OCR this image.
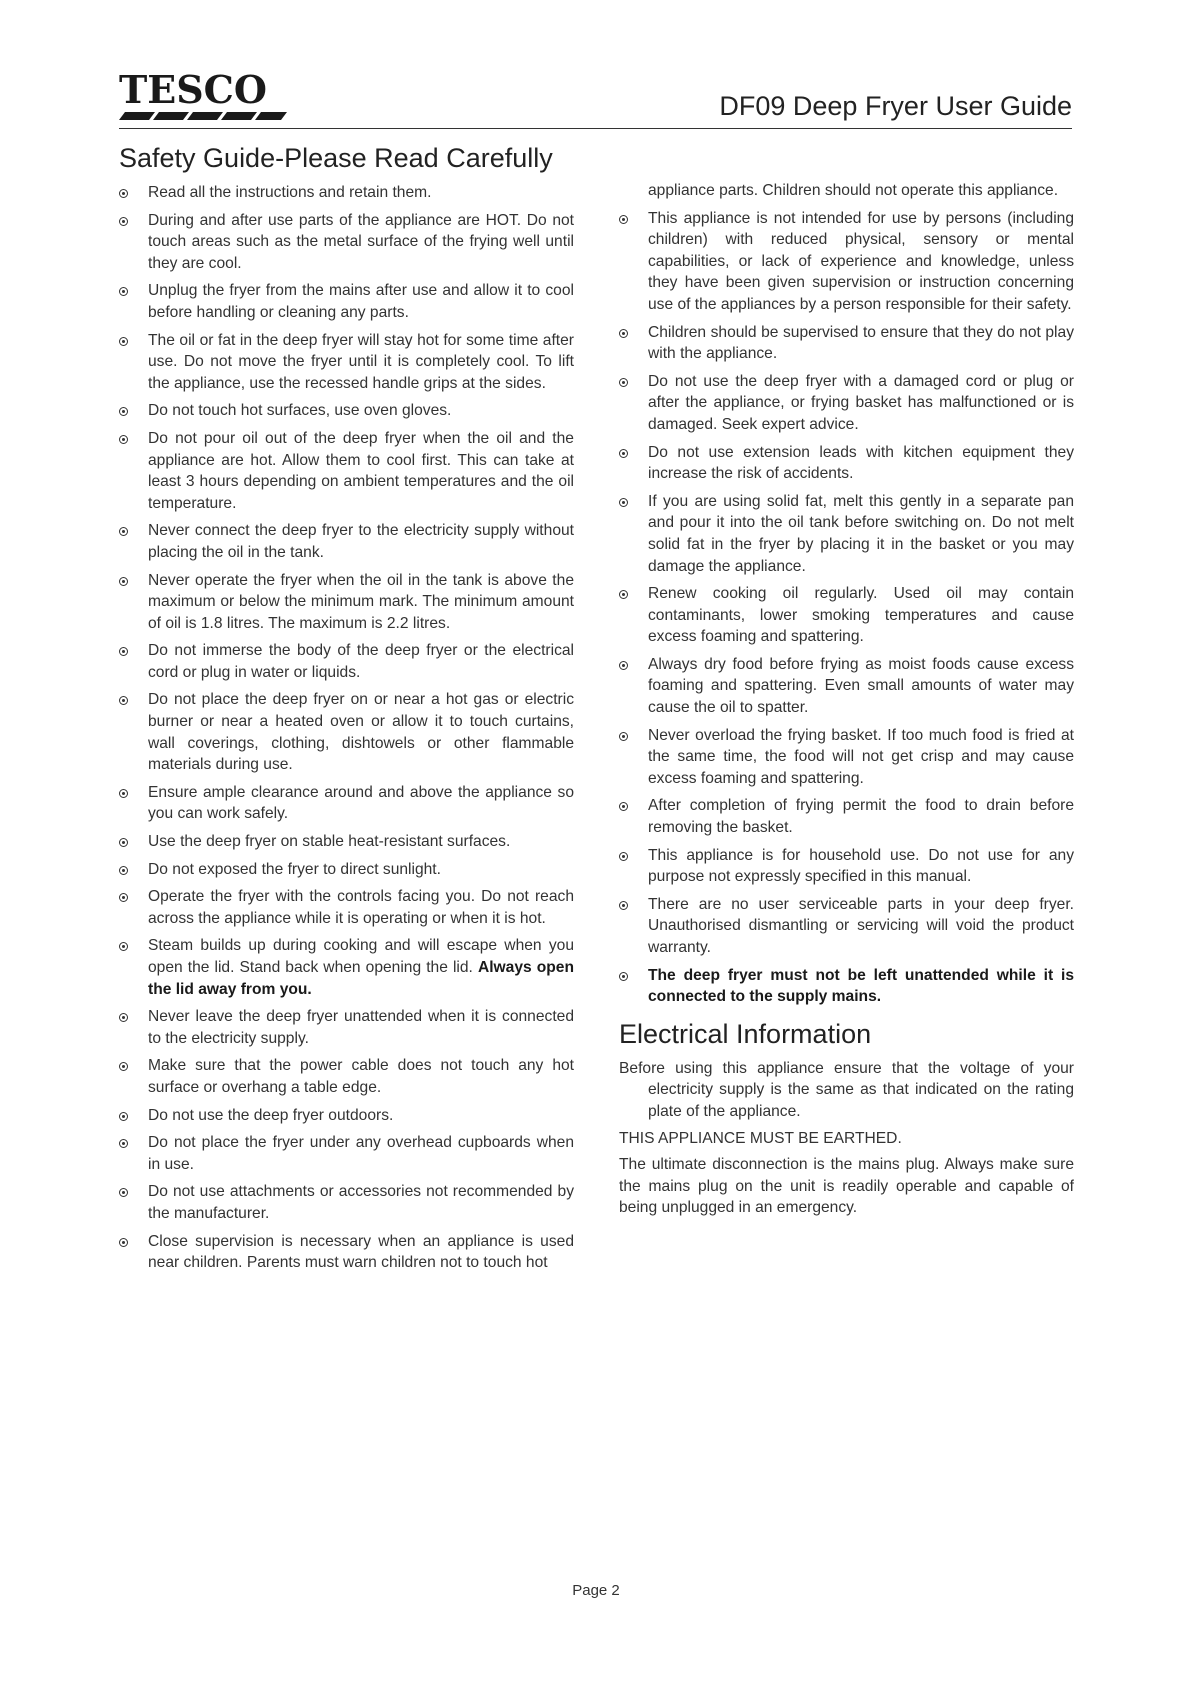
TESCO	DF09 Deep Fryer User Guide
Safety Guide-Please Read Carefully
Read all the instructions and retain them.
During and after use parts of the appliance are HOT. Do not touch areas such as the metal surface of the frying well until they are cool.
Unplug the fryer from the mains after use and allow it to cool before handling or cleaning any parts.
The oil or fat in the deep fryer will stay hot for some time after use. Do not move the fryer until it is completely cool. To lift the appliance, use the recessed handle grips at the sides.
Do not touch hot surfaces, use oven gloves.
Do not pour oil out of the deep fryer when the oil and the appliance are hot. Allow them to cool first. This can take at least 3 hours depending on ambient temperatures and the oil temperature.
Never connect the deep fryer to the electricity supply without placing the oil in the tank.
Never operate the fryer when the oil in the tank is above the maximum or below the minimum mark. The minimum amount of oil is 1.8 litres. The maximum is 2.2 litres.
Do not immerse the body of the deep fryer or the electrical cord or plug in water or liquids.
Do not place the deep fryer on or near a hot gas or electric burner or near a heated oven or allow it to touch curtains, wall coverings, clothing, dishtowels or other flammable materials during use.
Ensure ample clearance around and above the appliance so you can work safely.
Use the deep fryer on stable heat-resistant surfaces.
Do not exposed the fryer to direct sunlight.
Operate the fryer with the controls facing you. Do not reach across the appliance while it is operating or when it is hot.
Steam builds up during cooking and will escape when you open the lid. Stand back when opening the lid. Always open the lid away from you.
Never leave the deep fryer unattended when it is connected to the electricity supply.
Make sure that the power cable does not touch any hot surface or overhang a table edge.
Do not use the deep fryer outdoors.
Do not place the fryer under any overhead cupboards when in use.
Do not use attachments or accessories not recommended by the manufacturer.
Close supervision is necessary when an appliance is used near children. Parents must warn children not to touch hot
appliance parts. Children should not operate this appliance.
This appliance is not intended for use by persons (including children) with reduced physical, sensory or mental capabilities, or lack of experience and knowledge, unless they have been given supervision or instruction concerning use of the appliances by a person responsible for their safety.
Children should be supervised to ensure that they do not play with the appliance.
Do not use the deep fryer with a damaged cord or plug or after the appliance, or frying basket has malfunctioned or is damaged. Seek expert advice.
Do not use extension leads with kitchen equipment they increase the risk of accidents.
If you are using solid fat, melt this gently in a separate pan and pour it into the oil tank before switching on. Do not melt solid fat in the fryer by placing it in the basket or you may damage the appliance.
Renew cooking oil regularly. Used oil may contain contaminants, lower smoking temperatures and cause excess foaming and spattering.
Always dry food before frying as moist foods cause excess foaming and spattering. Even small amounts of water may cause the oil to spatter.
Never overload the frying basket. If too much food is fried at the same time, the food will not get crisp and may cause excess foaming and spattering.
After completion of frying permit the food to drain before removing the basket.
This appliance is for household use. Do not use for any purpose not expressly specified in this manual.
There are no user serviceable parts in your deep fryer. Unauthorised dismantling or servicing will void the product warranty.
The deep fryer must not be left unattended while it is connected to the supply mains.
Electrical Information

Before using this appliance ensure that the voltage of your electricity supply is the same as that indicated on the rating plate of the appliance.

THIS APPLIANCE MUST BE EARTHED.

The ultimate disconnection is the mains plug. Always make sure the mains plug on the unit is readily operable and capable of being unplugged in an emergency.

Page 2
